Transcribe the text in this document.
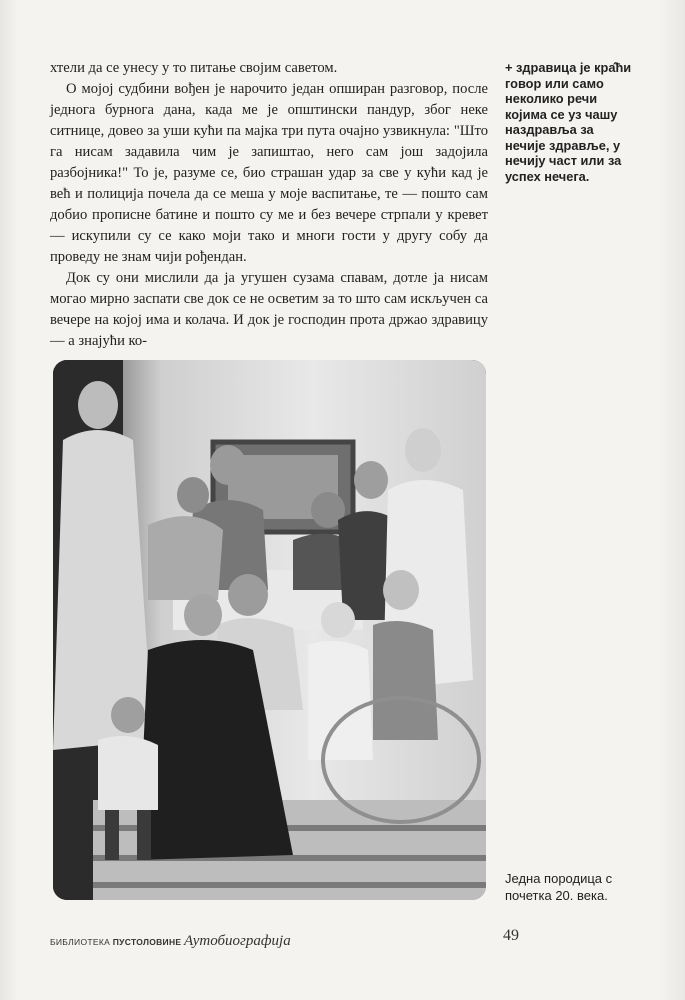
хтели да се унесу у то питање својим саветом.

О мојој судбини вођен је нарочито један опширан разговор, после једнога бурнога дана, када ме је општински пандур, због неке ситнице, довео за уши кући па мајка три пута очајно узвикнула: "Што га нисам задавила чим је запиштао, него сам још задојила разбојника!" То је, разуме се, био страшан удар за све у кући кад је већ и полиција почела да се меша у моје васпитање, те — пошто сам добио прописне батине и пошто су ме и без вечере стрпали у кревет — искупили су се како моји тако и многи гости у другу собу да проведу не знам чији рођендан.

Док су они мислили да ја угушен сузама спавам, дотле ја нисам могао мирно заспати све док се не осветим за то што сам искључен са вечере на којој има и колача. И док је господин прота држао здравицу — а знајући ко-

+ здравица је кра̂ћи говор или само неколико речи којима се уз чашу наздравља за нечије здравље, у нечију част или за успех нечега.
Једна породица с почетка 20. века.
БИБЛИОТЕКА ПУСТОЛОВИНЕ Аутобиографија	49
